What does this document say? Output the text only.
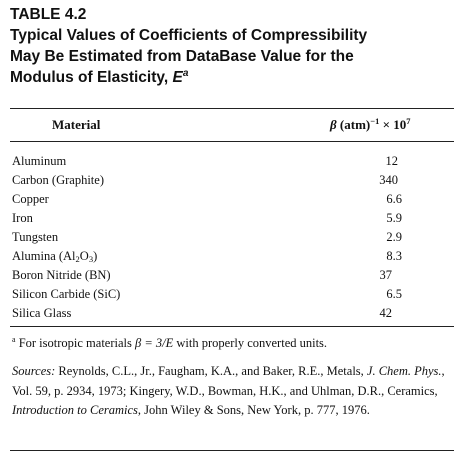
TABLE 4.2
Typical Values of Coefficients of Compressibility
May Be Estimated from DataBase Value for the
Modulus of Elasticity, $E^a$
Material	β $(atm)^{-1} \times 10^7$
Aluminum	12
Carbon (Graphite)	340
Copper	6.6
Iron	5.9
Tungsten	2.9
Alumina $(Al_2O_3)$	8.3
Boron Nitride (BN)	37
Silicon Carbide (SiC)	6.5
Silica Glass	42
$^a$ For isotropic materials β = 3/E with properly converted units.
Sources: Reynolds, C.L., Jr., Faugham, K.A., and Baker, R.E., Metals, J. Chem. Phys., Vol. 59, p. 2934, 1973; Kingery, W.D., Bowman, H.K., and Uhlman, D.R., Ceramics, Introduction to Ceramics, John Wiley & Sons, New York, p. 777, 1976.
